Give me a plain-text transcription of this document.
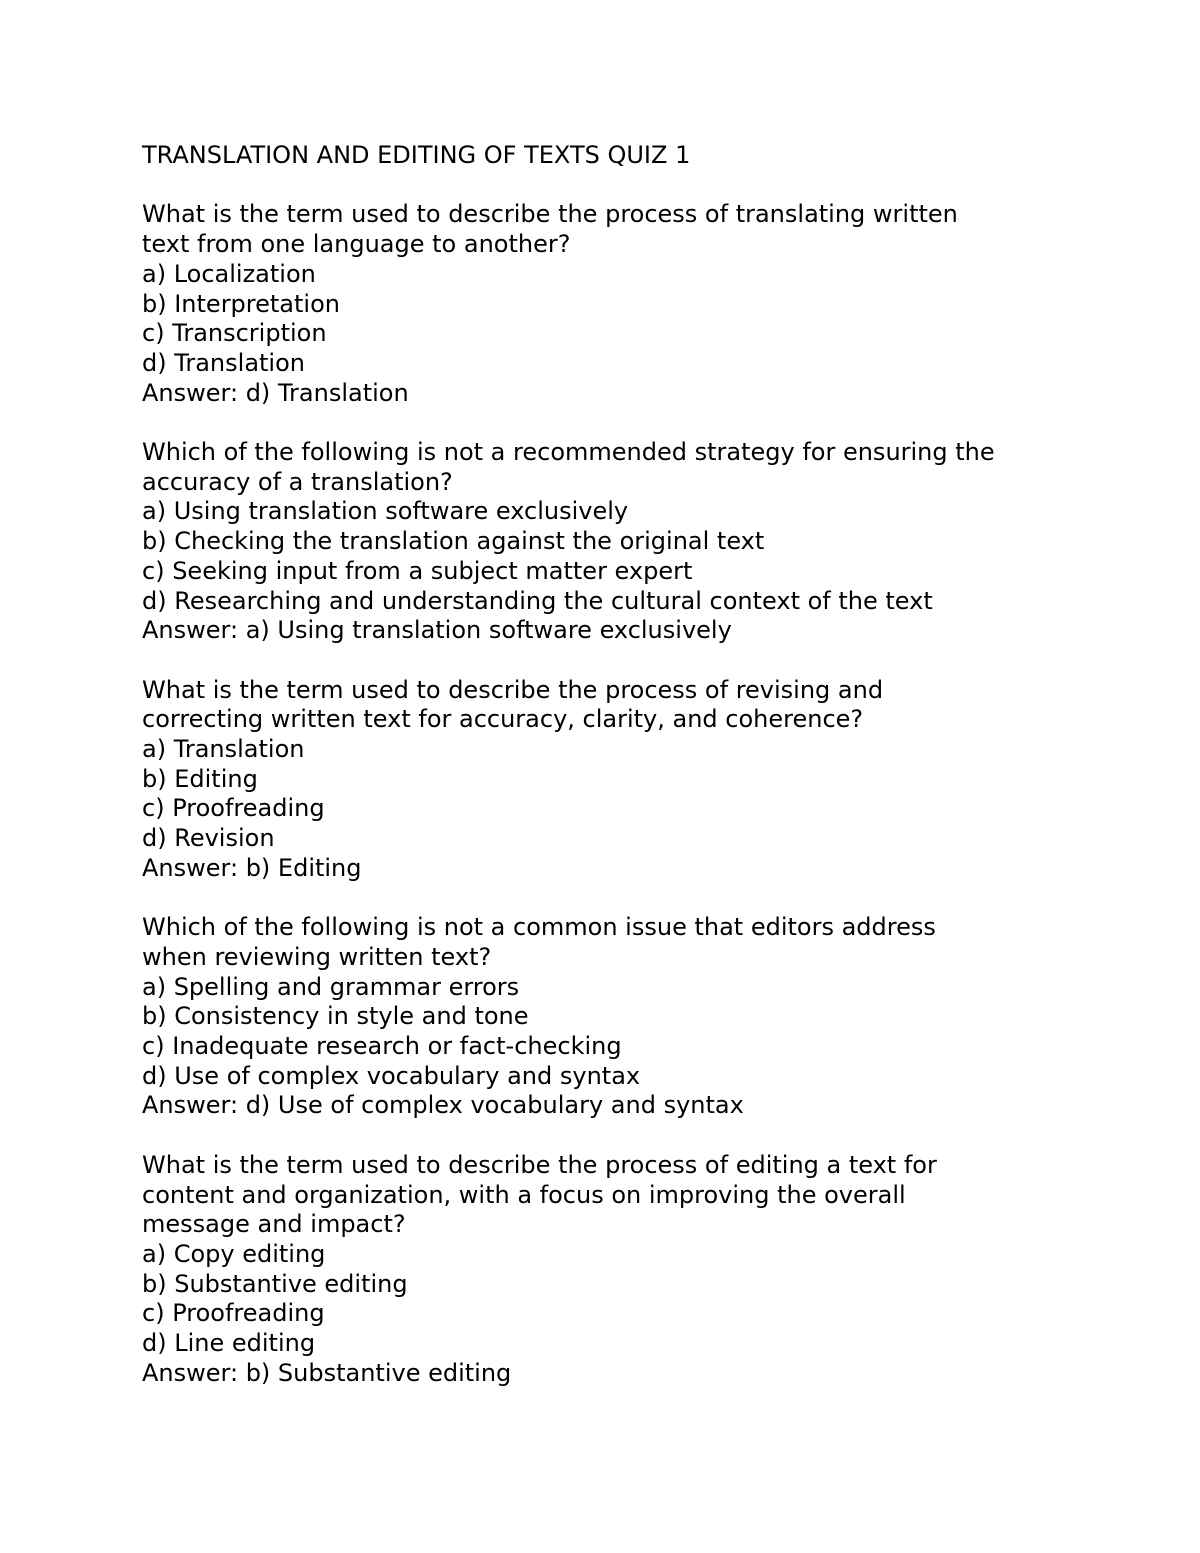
TRANSLATION AND EDITING OF TEXTS QUIZ 1
What is the term used to describe the process of translating written
text from one language to another?
a) Localization
b) Interpretation
c) Transcription
d) Translation
Answer: d) Translation
Which of the following is not a recommended strategy for ensuring the
accuracy of a translation?
a) Using translation software exclusively
b) Checking the translation against the original text
c) Seeking input from a subject matter expert
d) Researching and understanding the cultural context of the text
Answer: a) Using translation software exclusively
What is the term used to describe the process of revising and
correcting written text for accuracy, clarity, and coherence?
a) Translation
b) Editing
c) Proofreading
d) Revision
Answer: b) Editing
Which of the following is not a common issue that editors address
when reviewing written text?
a) Spelling and grammar errors
b) Consistency in style and tone
c) Inadequate research or fact-checking
d) Use of complex vocabulary and syntax
Answer: d) Use of complex vocabulary and syntax
What is the term used to describe the process of editing a text for
content and organization, with a focus on improving the overall
message and impact?
a) Copy editing
b) Substantive editing
c) Proofreading
d) Line editing
Answer: b) Substantive editing
